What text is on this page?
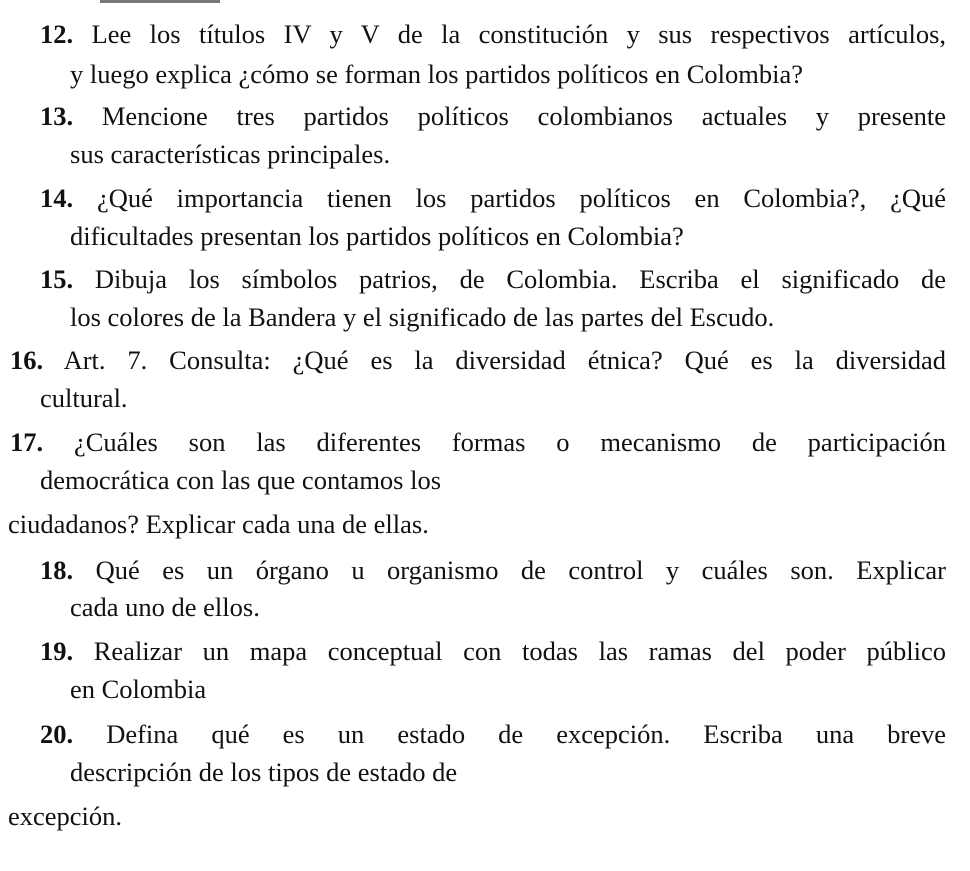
12. Lee los títulos IV y V de la constitución y sus respectivos artículos,

y luego explica ¿cómo se forman los partidos políticos en Colombia?

13. Mencione tres partidos políticos colombianos actuales y presente

sus características principales.

14. ¿Qué importancia tienen los partidos políticos en Colombia?, ¿Qué

dificultades presentan los partidos políticos en Colombia?

15. Dibuja los símbolos patrios, de Colombia. Escriba el significado de

los colores de la Bandera y el significado de las partes del Escudo.

16. Art. 7. Consulta: ¿Qué es la diversidad étnica? Qué es la diversidad

cultural.

17. ¿Cuáles son las diferentes formas o mecanismo de participación

democrática con las que contamos los

ciudadanos? Explicar cada una de ellas.

18. Qué es un órgano u organismo de control y cuáles son. Explicar

cada uno de ellos.

19. Realizar un mapa conceptual con todas las ramas del poder público

en Colombia

20. Defina qué es un estado de excepción. Escriba una breve

descripción de los tipos de estado de

excepción.
